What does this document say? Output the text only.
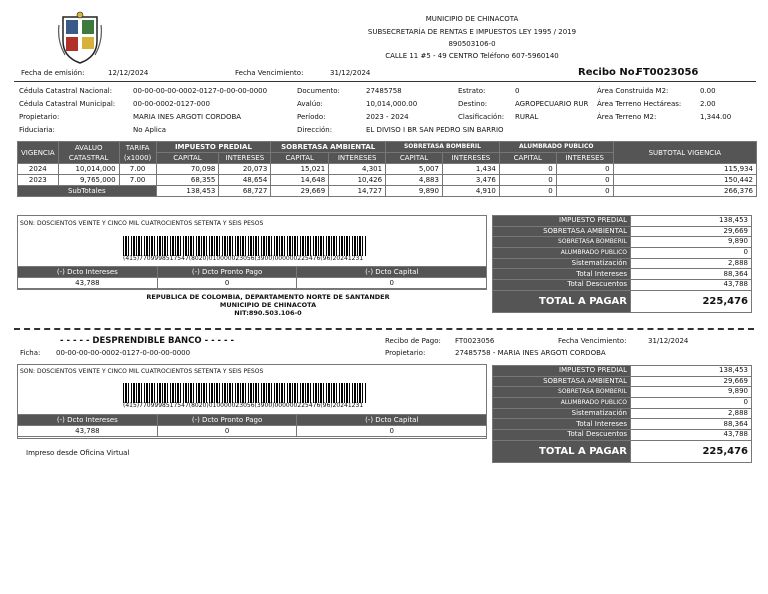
MUNICIPIO DE CHINACOTA
SUBSECRETARÍA DE RENTAS E IMPUESTOS LEY 1995 / 2019
890503106-0
CALLE 11 #5 - 49 CENTRO Teléfono 607-5960140
Fecha de emisión:	12/12/2024	Fecha Vencimiento:	31/12/2024	Recibo No.
FT0023056
Cédula Catastral Nacional:	00-00-00-00-0002-0127-0-00-00-0000
Cédula Catastral Municipal:	00-00-0002-0127-000
Propietario:	MARIA INES ARGOTI CORDOBA
Fiduciaria:	No Aplica
Documento:	27485758
Avalúo:	10,014,000.00
Período:	2023 - 2024
Dirección:	EL DIVISO I BR SAN PEDRO SIN BARRIO
Estrato:	0
Destino:	AGROPECUARIO RUR
Clasificación: RURAL
Área Construida M2:	0.00
Área Terreno Hectáreas:	2.00
Área Terreno M2:	1,344.00
VIGENCIA	AVALUO CATASTRAL	TARIFA (x1000)	IMPUESTO PREDIAL		SOBRETASA AMBIENTAL		SOBRETASA BOMBERIL		ALUMBRADO PUBLICO		SUBTOTAL VIGENCIA
			CAPITAL	INTERESES	CAPITAL	INTERESES	CAPITAL	INTERESES	CAPITAL	INTERESES	
2024	10,014,000	7.00	70,098	20,073	15,021	4,301	5,007	1,434	0	0	115,934
2023	9,765,000	7.00	68,355	48,654	14,648	10,426	4,883	3,476	0	0	150,442
SubTotales			138,453	68,727	29,669	14,727	9,890	4,910	0	0	266,376
SON: DOSCIENTOS VEINTE Y CINCO MIL CUATROCIENTOS SETENTA Y SEIS PESOS
(415)7709998517547(8020)010000023056(3900)000000225476(96)20241231
(-) Dcto Intereses	(-) Dcto Pronto Pago	(-) Dcto Capital
43,788	0	0
REPUBLICA DE COLOMBIA, DEPARTAMENTO NORTE DE SANTANDER
MUNICIPIO DE CHINACOTA
NIT:890.503.106-0
IMPUESTO PREDIAL	138,453
SOBRETASA AMBIENTAL	29,669
SOBRETASA BOMBERIL	9,890
ALUMBRADO PUBLICO	0
Sistematización	2,888
Total Intereses	88,364
Total Descuentos	43,788
TOTAL A PAGAR	225,476
- - - - - DESPRENDIBLE BANCO - - - - -
Ficha: 00-00-00-00-0002-0127-0-00-00-0000
Recibo de Pago: FT0023056
Propietario:	27485758 - MARIA INES ARGOTI CORDOBA
Fecha Vencimiento:	31/12/2024
SON: DOSCIENTOS VEINTE Y CINCO MIL CUATROCIENTOS SETENTA Y SEIS PESOS
(415)7709998517547(8020)010000023056(3900)000000225476(96)20241231
(-) Dcto Intereses	(-) Dcto Pronto Pago	(-) Dcto Capital
43,788	0	0
Impreso desde Oficina Virtual
IMPUESTO PREDIAL	138,453
SOBRETASA AMBIENTAL	29,669
SOBRETASA BOMBERIL	9,890
ALUMBRADO PUBLICO	0
Sistematización	2,888
Total Intereses	88,364
Total Descuentos	43,788
TOTAL A PAGAR	225,476
